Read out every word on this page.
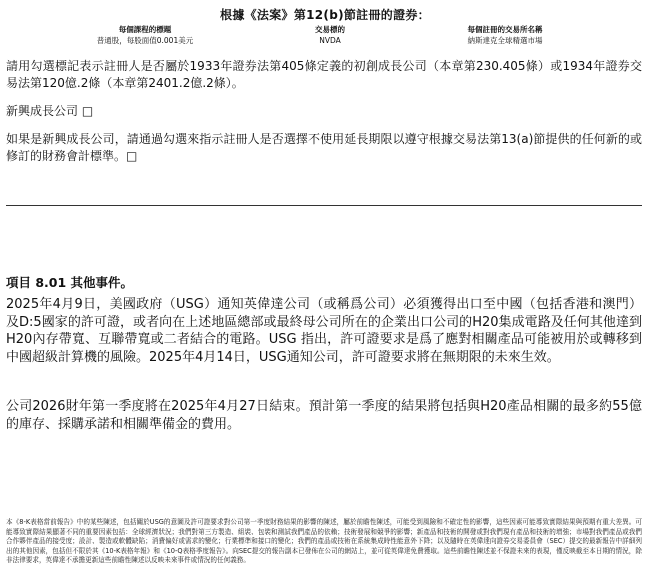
根據《法案》第12(b)節註冊的證券：
每個課程的標題
普通股，每股面值0.001美元
交易標的
NVDA
每個註冊的交易所名稱
納斯達克全球精選市場
請用勾選標記表示註冊人是否屬於1933年證券法第405條定義的初創成長公司（本章第230.405條）或1934年證券交易法第120億.2條（本章第2401.2億.2條）。
新興成長公司 □
如果是新興成長公司，請通過勾選來指示註冊人是否選擇不使用延長期限以遵守根據交易法第13(a)節提供的任何新的或修訂的財務會計標準。□
項目 8.01 其他事件。
2025年4月9日，美國政府（USG）通知英偉達公司（或稱爲公司）必須獲得出口至中國（包括香港和澳門）及D:5國家的許可證，或者向在上述地區總部或最終母公司所在的企業出口公司的H20集成電路及任何其他達到H20內存帶寬、互聯帶寬或二者結合的電路。USG 指出，許可證要求是爲了應對相關產品可能被用於或轉移到中國超級計算機的風險。2025年4月14日，USG通知公司，許可證要求將在無期限的未來生效。
公司2026財年第一季度將在2025年4月27日結束。預計第一季度的結果將包括與H20產品相關的最多約55億的庫存、採購承諾和相關準備金的費用。
本《8-K表格當前報告》中的某些陳述，包括關於USG的意圖及許可證要求對公司第一季度財務結果的影響的陳述，屬於前瞻性陳述，可能受到風險和不確定性的影響，這些因素可能導致實際結果與預期有重大差異。可能導致實際結果顯著不同的重要因素包括：全球經濟狀況；我們對第三方製造、組裝、包裝和測試我們產品的依賴；技術發展和競爭的影響；新產品和技術的開發或對我們現有產品和技術的增強；市場對我們產品或我們合作夥伴產品的接受度；設計、製造或軟體缺陷；消費偏好或需求的變化；行業標準和接口的變化；我們的產品或技術在系統集成時性能意外下降；以及隨時在英偉達向證券交易委員會（SEC）提交的最新報告中詳細列出的其他因素，包括但不限於其《10-K表格年報》和《10-Q表格季度報告》。向SEC提交的報告副本已發佈在公司的網站上，並可從英偉達免費獲取。這些前瞻性陳述並不保證未來的表現，僅反映截至本日期的情況，除非法律要求，英偉達不承擔更新這些前瞻性陳述以反映未來事件或情況的任何義務。
